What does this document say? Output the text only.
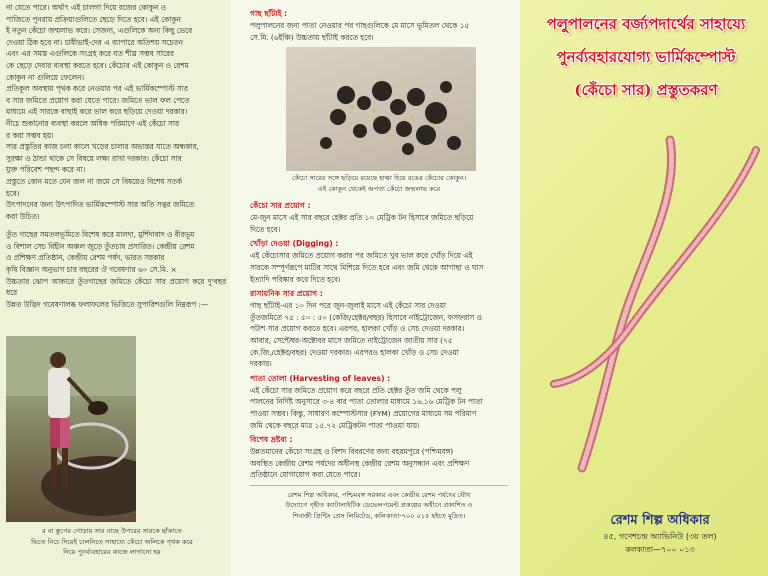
না যেতে পারে। অর্থাৎ এই চালগা দিয়ে রজের কোকুন ও

পাজিতে পুনরায় প্রক্রিয়াগুলিতে ছেড়ে দিতে হবে। এই কোকুন

ই নতুন কেঁচো জন্মলাভ করে। সেজন্য, এগুলিকে অন্য কিছু ভেবে

দেওয়া ঠিক হবে না। চাষীভাই-দের এ ব্যাপারে অতিশয় সচেতন

এবং এর সমস্ত এগুলিকে সংগ্রহ করে যত শীঘ্র সম্ভব সারের

কে ছেড়ে দেবার ব্যবস্থা করতে হবে। কেঁচোর এই কোকুন ও রেশম

কোকুন না গুলিয়ে ফেলেন।

প্রতিকূল অবস্থায় পৃথক করে নেওয়ার পর এই ভার্মিকম্পোস্ট সার

ব সার জমিতে প্রয়োগ করা যেতে পারে। জমিতে ভাল ফল পেতে

মাধ্যমে এই সারকে বাছাই করে ভাল করে ছড়িয়ে দেওয়া দরকার।

নীচে শুকানোর ব্যবস্থা করলে অধিক পরিমাণে এই কেঁচো সার

র করা সম্ভব হয়।

সার প্রস্তুতির কাজ চলা কালে খড়ের চালার অভ্যন্তর যাতে অন্ধকার,

সুরক্ষা ও ঠান্ডা থাকে সে বিষয়ে লক্ষ্য রাখা দরকার। কেঁচো সার

যুক্ত পরিবেশ পছন্দ করে না।

প্রস্তুতে কোন মতে যেন জল না জমে সে বিষয়েও বিশেষ সতর্ক

হবে।

উৎপাদনের জন্য উৎপাদিত ভার্মিকম্পোস্ট সার অতি সত্বর জমিতে

করা উচিত।

তুঁত গাছের সমতলভূমিতে বিশেষ করে মালদা, মুর্শিদাবাদ ও বীরভূম

ও বিশাল সেচ বিহীন অঞ্চল জুড়ে তুঁতচাষ প্রসারিত। কেন্দ্রীয় রেশম

ও প্রশিক্ষণ প্রতিষ্ঠান, কেন্দ্রীয় রেশম পর্ষদ, ভারত সরকার

কৃষি বিজ্ঞান অনুভাগ চার বছরের ঔ গবেষণার ৬০ সে.মি. ×

উচ্চতার ঝোপ আকারে তুঁতগাছের জমিতে কেঁচো সার প্রয়োগ করে দু'বছর ধরে

উন্নত উদ্ভিদ গবেষণালব্ধ ফলাফলের ভিত্তিতে সুপারিশগুলি নিম্নরূপ :—

র বা স্তুপের গোড়ায় সার বাছে উপরের সারকে ছাঁকাতে

ভিতে নিচে দিয়েই চালনিতে সাহায্যে কেঁচো অলিকে পৃথক করে

নিয়ে পুনর্ব্যবহারের কাজে লাগানো হয়

গাছ ছাঁটাই :

পলুপালনের জন্য পাতা নেওয়ার পর গাছগুলিকে মে মাসে ভূমিতল থেকে ১৫

সে.মি. (৬ইঞ্চি) উচ্চতায় ছাঁটাই করতে হবে।

কেঁচো সারের সঙ্গে ছড়িয়ে রয়েছে হাল্কা হিয়ে রঙের কেঁচোর কোকুন।

এই কোকুন থেকেই অপত্য কেঁচো জন্মলাভ করে

কেঁচো সার প্রয়োগ :

মে-জুন মাসে এই সার বছরে হেক্টর প্রতি ১০ মেট্রিক টন হিসাবে জমিতে ছড়িয়ে

দিতে হবে।

খোঁড়া দেওয়া (Digging) :

এই কেঁচোসার জমিতে প্রয়োগ করার পর জমিতে খুব ভাল করে খোঁড় দিয়ে এই

সারকে সম্পূর্ণরূপে মাটির সাথে মিশিয়ে দিতে হবে এবং জমি থেকে আগাছা ও ঘাস

ইত্যাদি পরিষ্কার করে দিতে হবে।

রাসায়নিক সার প্রয়োগ :

গাছ ছাঁটাই-এর ১০ দিন পরে জুন-জুলাই মাসে এই কেঁচো সার দেওয়া

তুঁতজমিতে ৭৫ : ৫০ : ৫০ (কেজি/হেক্টর/বছর) হিসাবে নাইট্রোজেন, ফসফরাস ও

পটাশ সার প্রয়োগ করতে হবে। এরপর, হালকা খোঁড় ও সেচ দেওয়া দরকার।

আবার, সেপ্টেম্বর-অক্টোবর মাসে জমিতে নাইট্রোজেন জাতীয় সার (৭৫

কে.জি./হেক্টর/বছর) দেওয়া দরকার। এরপরও হালকা খোঁড় ও সেচ দেওয়া

দরকার।

পাতা তোলা (Harvesting of leaves) :

এই কেঁচো সার জমিতে প্রয়োগ করে বছরে প্রতি হেক্টর তুঁত জমি থেকে পলু

পালনের নির্দিষ্ট অনুসারে ৩-৪ বার পাতা তোলার মাধ্যমে ১৬.১৬ মেট্রিক টন পাতা

পাওয়া সম্ভব। কিন্তু, সাধারণ কম্পোস্টসার (FYM) প্রয়োগের মাধ্যমে সম পরিমাণ

জমি থেকে বছরে মাত্র ১৫.৭২ মেট্রিকটন পাতা পাওয়া যায়।

বিশেষ দ্রষ্টব্য :

উন্নতমানের কেঁচো সংগ্রহ ও বিশদ বিবরণের জন্য বহরমপুরে (পশ্চিমবঙ্গ)

অবস্থিত কেন্দ্রীয় রেশম পর্ষদের অধীনস্থ কেন্দ্রীয় রেশম অনুসন্ধান এবং প্রশিক্ষণ

প্রতিষ্ঠানে যোগাযোগ করা যেতে পারে।

রেশম শিল্প অধিকার, পশ্চিমবঙ্গ সরকার এবং কেন্দ্রীয় রেশম পর্যদের যৌথ

উদ্যোগে গৃহীত ক্যাটালাইটিক ডেভেলপমেন্ট প্রকল্পের অধীনে প্রকাশিত ও

শিবাজী প্রিন্টিং প্রেস লিমিটেড, কলিকাতা-৭০০ ০১৫ হইতে মুদ্রিত।

পলুপালনের বর্জ্যপদার্থের সাহায্যে

পুনর্ব্যবহারযোগ্য ভার্মিকম্পোস্ট

(কেঁচো সার) প্রস্তুতকরণ

রেশম শিল্প অধিকার

৪৫, গণেশচন্দ্র অ্যাভিনিউ (৩য় তল)

কলকাতা—৭০০ ০১৩
